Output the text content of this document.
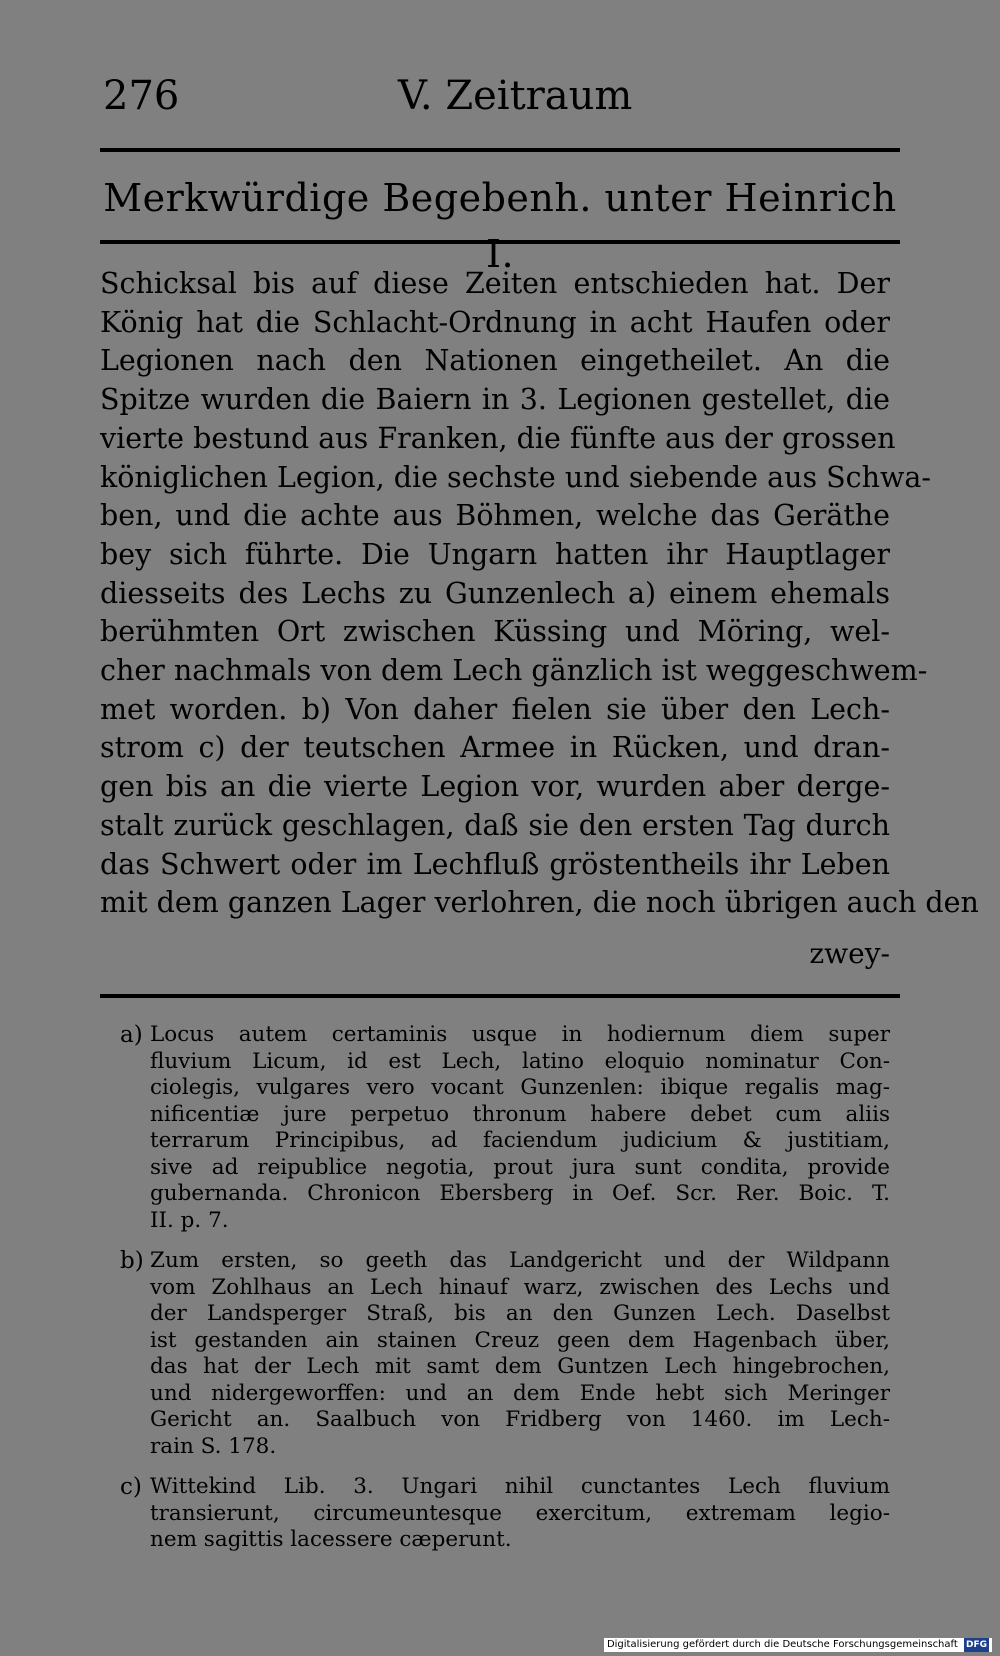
276	V. Zeitraum
Merkwürdige Begebenh. unter Heinrich I.
Schicksal bis auf diese Zeiten entschieden hat. Der
König hat die Schlacht-Ordnung in acht Haufen oder
Legionen nach den Nationen eingetheilet. An die
Spitze wurden die Baiern in 3. Legionen gestellet, die
vierte bestund aus Franken, die fünfte aus der grossen
königlichen Legion, die sechste und siebende aus Schwa-
ben, und die achte aus Böhmen, welche das Geräthe
bey sich führte. Die Ungarn hatten ihr Hauptlager
diesseits des Lechs zu Gunzenlech a) einem ehemals
berühmten Ort zwischen Küssing und Möring, wel-
cher nachmals von dem Lech gänzlich ist weggeschwem-
met worden. b) Von daher fielen sie über den Lech-
strom c) der teutschen Armee in Rücken, und dran-
gen bis an die vierte Legion vor, wurden aber derge-
stalt zurück geschlagen, daß sie den ersten Tag durch
das Schwert oder im Lechfluß gröstentheils ihr Leben
mit dem ganzen Lager verlohren, die noch übrigen auch den
zwey-
a) Locus autem certaminis usque in hodiernum diem super
fluvium Licum, id est Lech, latino eloquio nominatur Con-
ciolegis, vulgares vero vocant Gunzenlen: ibique regalis mag-
nificentiæ jure perpetuo thronum habere debet cum aliis
terrarum Principibus, ad faciendum judicium & justitiam,
sive ad reipublice negotia, prout jura sunt condita, provide
gubernanda. Chronicon Ebersberg in Oef. Scr. Rer. Boic. T.
II. p. 7.
b) Zum ersten, so geeth das Landgericht und der Wildpann
vom Zohlhaus an Lech hinauf warz, zwischen des Lechs und
der Landsperger Straß, bis an den Gunzen Lech. Daselbst
ist gestanden ain stainen Creuz geen dem Hagenbach über,
das hat der Lech mit samt dem Guntzen Lech hingebrochen,
und nidergeworffen: und an dem Ende hebt sich Meringer
Gericht an. Saalbuch von Fridberg von 1460. im Lech-
rain S. 178.
c) Wittekind Lib. 3. Ungari nihil cunctantes Lech fluvium
transierunt, circumeuntesque exercitum, extremam legio-
nem sagittis lacessere cæperunt.
Digitalisierung gefördert durch die Deutsche Forschungsgemeinschaft DFG
